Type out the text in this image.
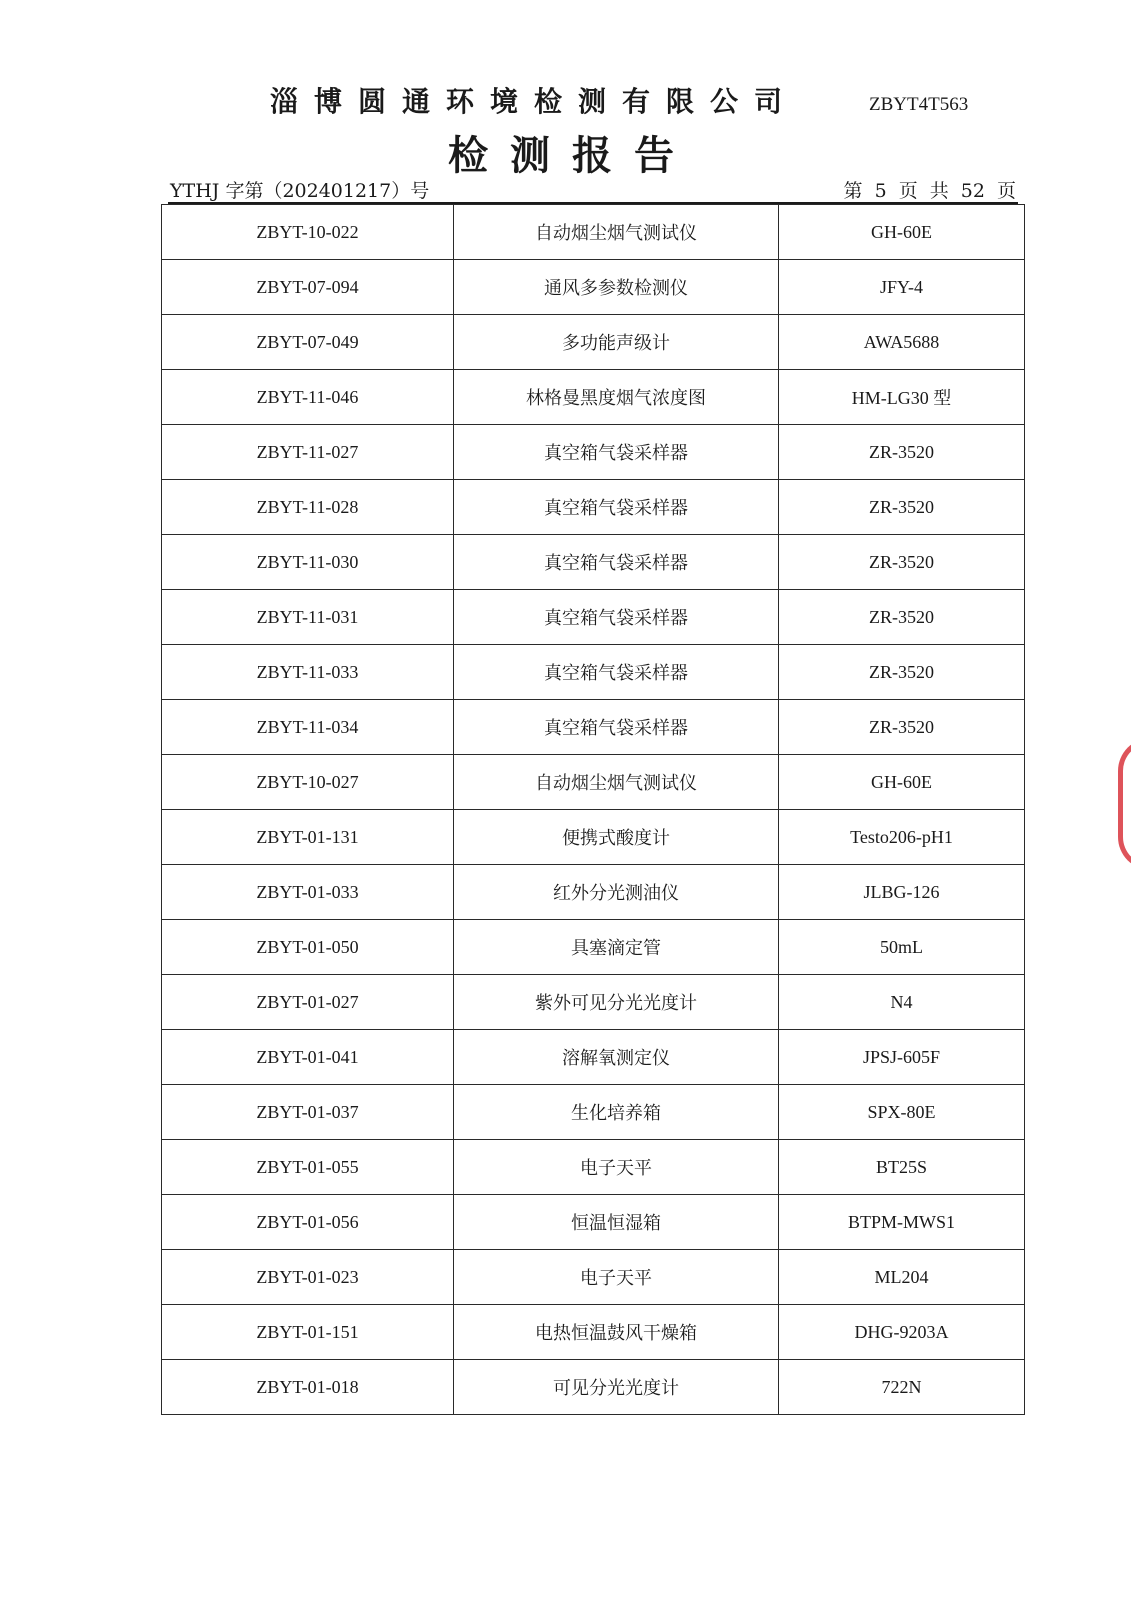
淄博圆通环境检测有限公司	ZBYT4T563
检测报告
YTHJ 字第（202401217）号	第 5 页 共 52 页
ZBYT-10-022	自动烟尘烟气测试仪	GH-60E
ZBYT-07-094	通风多参数检测仪	JFY-4
ZBYT-07-049	多功能声级计	AWA5688
ZBYT-11-046	林格曼黑度烟气浓度图	HM-LG30 型
ZBYT-11-027	真空箱气袋采样器	ZR-3520
ZBYT-11-028	真空箱气袋采样器	ZR-3520
ZBYT-11-030	真空箱气袋采样器	ZR-3520
ZBYT-11-031	真空箱气袋采样器	ZR-3520
ZBYT-11-033	真空箱气袋采样器	ZR-3520
ZBYT-11-034	真空箱气袋采样器	ZR-3520
ZBYT-10-027	自动烟尘烟气测试仪	GH-60E
ZBYT-01-131	便携式酸度计	Testo206-pH1
ZBYT-01-033	红外分光测油仪	JLBG-126
ZBYT-01-050	具塞滴定管	50mL
ZBYT-01-027	紫外可见分光光度计	N4
ZBYT-01-041	溶解氧测定仪	JPSJ-605F
ZBYT-01-037	生化培养箱	SPX-80E
ZBYT-01-055	电子天平	BT25S
ZBYT-01-056	恒温恒湿箱	BTPM-MWS1
ZBYT-01-023	电子天平	ML204
ZBYT-01-151	电热恒温鼓风干燥箱	DHG-9203A
ZBYT-01-018	可见分光光度计	722N
